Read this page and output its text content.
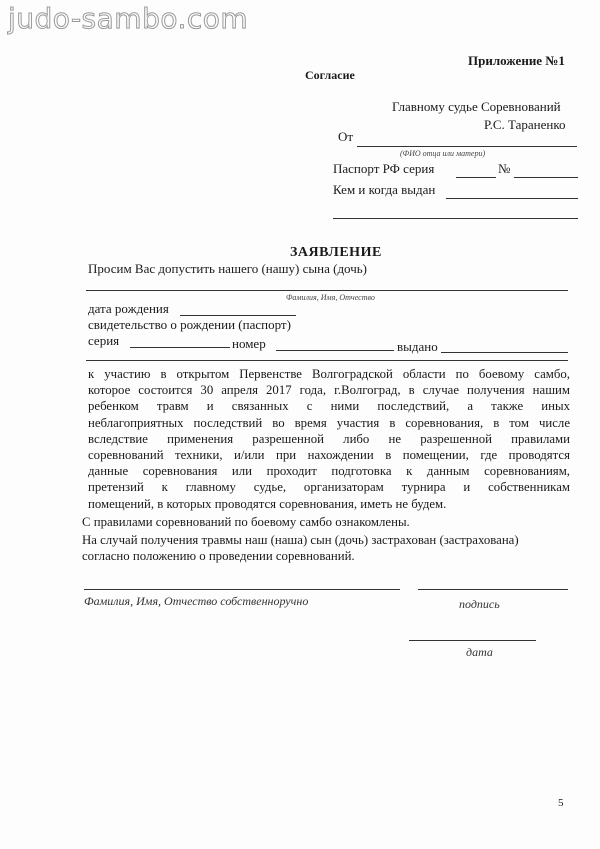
judo-sambo.com
Приложение №1
Согласие
Главному судье Соревнований
Р.С. Тараненко
От
(ФИО отца или матери)
Паспорт РФ серия	№
Кем и когда выдан
ЗАЯВЛЕНИЕ
Просим Вас допустить нашего (нашу) сына (дочь)
Фамилия, Имя, Отчество
дата рождения
свидетельство о рождении (паспорт)
серия	номер	выдано
к участию в открытом Первенстве Волгоградской области по боевому самбо,
которое состоится 30 апреля 2017 года, г.Волгоград, в случае получения нашим
ребенком травм и связанных с ними последствий, а также иных
неблагоприятных последствий во время участия в соревнования, в том числе
вследствие применения разрешенной либо не разрешенной правилами
соревнований техники, и/или при нахождении в помещении, где проводятся
данные соревнования или проходит подготовка к данным соревнованиям,
претензий к главному судье, организаторам турнира и собственникам
помещений, в которых проводятся соревнования, иметь не будем.
С правилами соревнований по боевому самбо ознакомлены.
На случай получения травмы наш (наша) сын (дочь) застрахован (застрахована)
согласно положению о проведении соревнований.
Фамилия, Имя, Отчество собственноручно	подпись
дата
5
